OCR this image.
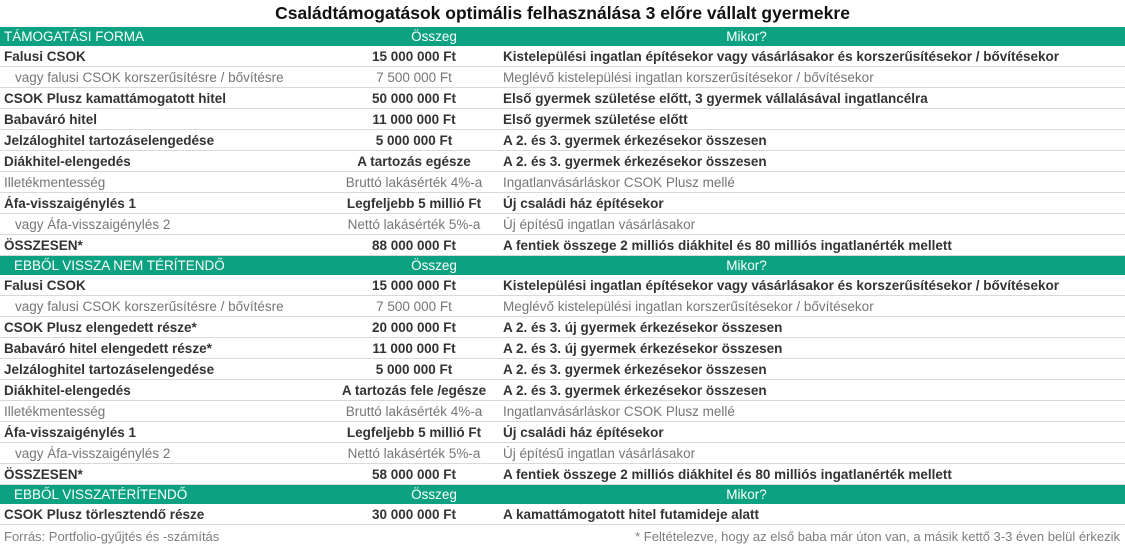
Családtámogatások optimális felhasználása 3 előre vállalt gyermekre
TÁMOGATÁSI FORMA	Összeg	Mikor?
Falusi CSOK	15 000 000 Ft	Kistelepülési ingatlan építésekor vagy vásárlásakor és korszerűsítésekor / bővítésekor
vagy falusi CSOK korszerűsítésre / bővítésre	7 500 000 Ft	Meglévő kistelepülési ingatlan korszerűsítésekor / bővítésekor
CSOK Plusz kamattámogatott hitel	50 000 000 Ft	Első gyermek születése előtt, 3 gyermek vállalásával ingatlancélra
Babaváró hitel	11 000 000 Ft	Első gyermek születése előtt
Jelzáloghitel tartozáselengedése	5 000 000 Ft	A 2. és 3. gyermek érkezésekor összesen
Diákhitel-elengedés	A tartozás egésze	A 2. és 3. gyermek érkezésekor összesen
Illetékmentesség	Bruttó lakásérték 4%-a	Ingatlanvásárláskor CSOK Plusz mellé
Áfa-visszaigénylés 1	Legfeljebb 5 millió Ft	Új családi ház építésekor
vagy Áfa-visszaigénylés 2	Nettó lakásérték 5%-a	Új építésű ingatlan vásárlásakor
ÖSSZESEN*	88 000 000 Ft	A fentiek összege 2 milliós diákhitel és 80 milliós ingatlanérték mellett
EBBŐL VISSZA NEM TÉRÍTENDŐ	Összeg	Mikor?
Falusi CSOK	15 000 000 Ft	Kistelepülési ingatlan építésekor vagy vásárlásakor és korszerűsítésekor / bővítésekor
vagy falusi CSOK korszerűsítésre / bővítésre	7 500 000 Ft	Meglévő kistelepülési ingatlan korszerűsítésekor / bővítésekor
CSOK Plusz elengedett része*	20 000 000 Ft	A 2. és 3. új gyermek érkezésekor összesen
Babaváró hitel elengedett része*	11 000 000 Ft	A 2. és 3. új gyermek érkezésekor összesen
Jelzáloghitel tartozáselengedése	5 000 000 Ft	A 2. és 3. gyermek érkezésekor összesen
Diákhitel-elengedés	A tartozás fele /egésze	A 2. és 3. gyermek érkezésekor összesen
Illetékmentesség	Bruttó lakásérték 4%-a	Ingatlanvásárláskor CSOK Plusz mellé
Áfa-visszaigénylés 1	Legfeljebb 5 millió Ft	Új családi ház építésekor
vagy Áfa-visszaigénylés 2	Nettó lakásérték 5%-a	Új építésű ingatlan vásárlásakor
ÖSSZESEN*	58 000 000 Ft	A fentiek összege 2 milliós diákhitel és 80 milliós ingatlanérték mellett
EBBŐL VISSZATÉRÍTENDŐ	Összeg	Mikor?
CSOK Plusz törlesztendő része	30 000 000 Ft	A kamattámogatott hitel futamideje alatt
Forrás: Portfolio-gyűjtés és -számítás	* Feltételezve, hogy az első baba már úton van, a másik kettő 3-3 éven belül érkezik
